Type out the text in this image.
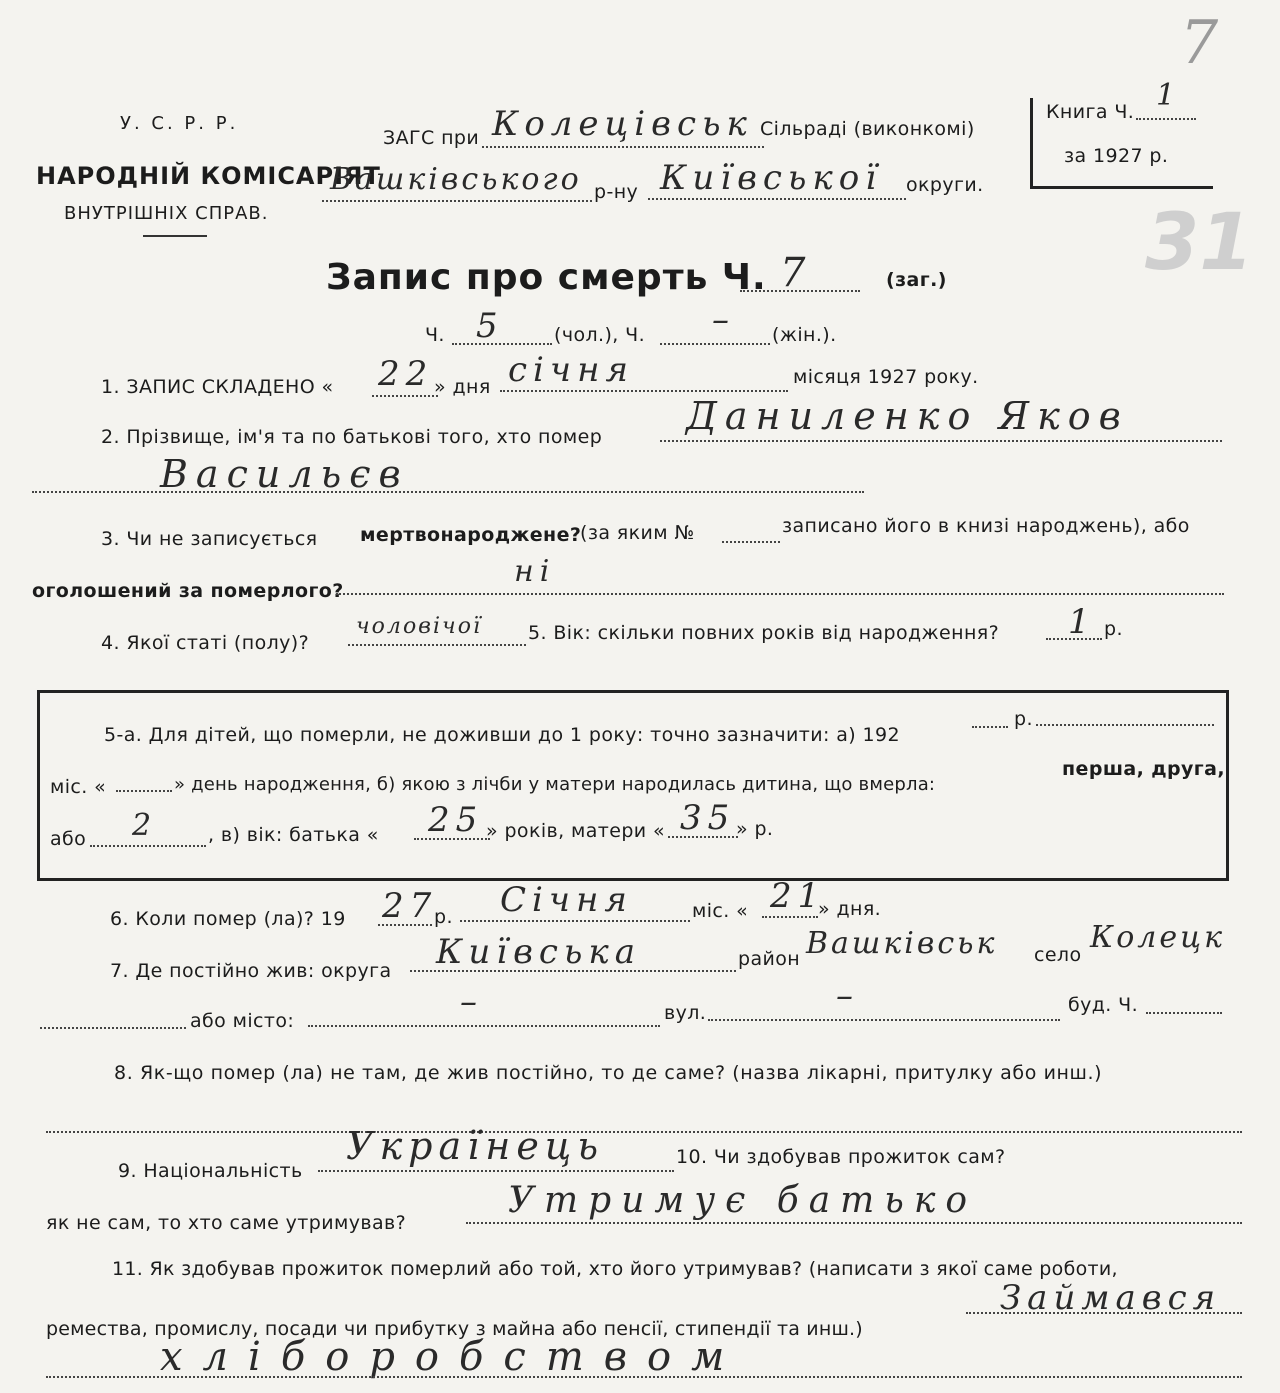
У. С. Р. Р.
НАРОДНІЙ КОМІСАРІЯТ
ВНУТРІШНІХ СПРАВ.
ЗАГС при Колецівськ Сільраді (виконкомі)
Вашківського р-ну Київської округи.
Книга Ч. 1
за 1927 р.
7
31
Запис про смерть Ч. 7	(заг.)
Ч. 5	(чол.), Ч. – (жін.).
1. ЗАПИС СКЛАДЕНО « 22 » дня січня	місяця 1927 року.
2. Прізвище, ім'я та по батькові того, хто помер Даниленко Яков
Васильєв
3. Чи не записується мертвонароджене?
(за яким №	записано його в книзі народжень), або
оголошений за померлого?
ні
4. Якої статі (полу)?
чоловічої 5. Вік: скільки повних років від народження? 1 р.
5-а. Для дітей, що померли, не доживши до 1 року: точно зазначити: а) 192
р.
міс. «	» день народження, б) якою з лічби у матери народилась дитина, що вмерла:
перша, друга,
або 2	, в) вік: батька « 25 » років, матери « 35 » р.
6. Коли помер (ла)? 19 27
р. Січня	міс. « 21
» дня.
7. Де постійно жив: округа Київська	район Вашківськ село Колецк
або місто:	–	вул.	–	буд. Ч.
8. Як-що помер (ла) не там, де жив постійно, то де саме? (назва лікарні, притулку або инш.)
9. Національність
Українець	10. Чи здобував прожиток сам?
як не сам, то хто саме утримував?
Утримує батько
11. Як здобував прожиток померлий або той, хто його утримував? (написати з якої саме роботи,
ремества, промислу, посади чи прибутку з майна або пенсії, стипендії та инш.)
Займався
хліборобством
